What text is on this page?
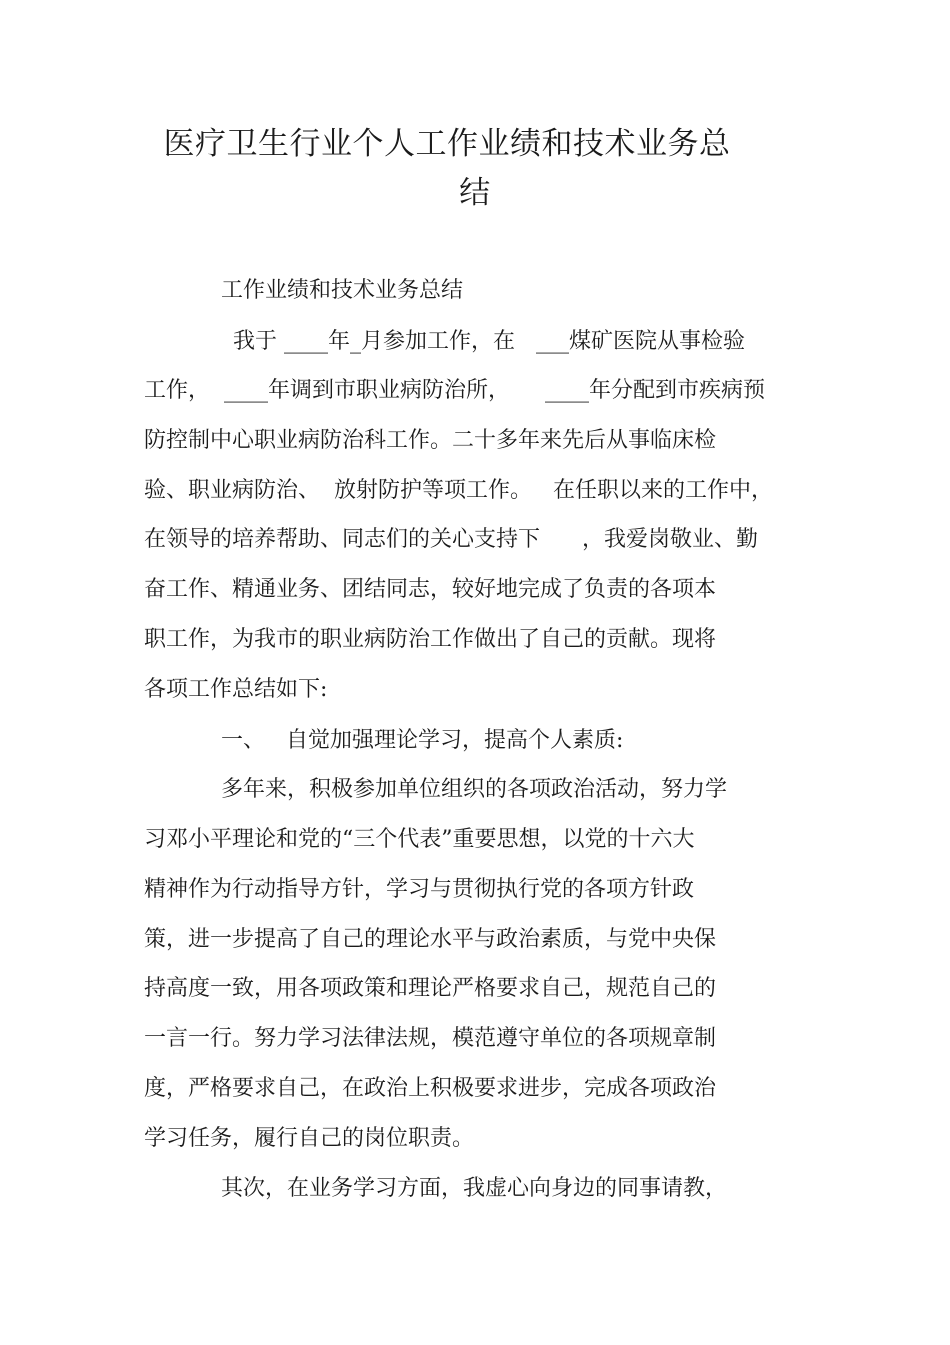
医疗卫生行业个人工作业绩和技术业务总
结

工作业绩和技术业务总结

我于 ____年_月参加工作，在   ___煤矿医院从事检验

工作，  ____年调到市职业病防治所，     ____年分配到市疾病预

防控制中心职业病防治科工作。二十多年来先后从事临床检

验、职业病防治、  放射防护等项工作。   在任职以来的工作中，

在领导的培养帮助、同志们的关心支持下      ，我爱岗敬业、勤

奋工作、精通业务、团结同志，较好地完成了负责的各项本

职工作，为我市的职业病防治工作做出了自己的贡献。现将

各项工作总结如下:

一、   自觉加强理论学习，提高个人素质:

多年来，积极参加单位组织的各项政治活动，努力学

习邓小平理论和党的“三个代表”重要思想，以党的十六大

精神作为行动指导方针，学习与贯彻执行党的各项方针政

策，进一步提高了自己的理论水平与政治素质，与党中央保

持高度一致，用各项政策和理论严格要求自己，规范自己的

一言一行。努力学习法律法规，模范遵守单位的各项规章制

度，严格要求自己，在政治上积极要求进步，完成各项政治

学习任务，履行自己的岗位职责。

其次，在业务学习方面，我虚心向身边的同事请教，
